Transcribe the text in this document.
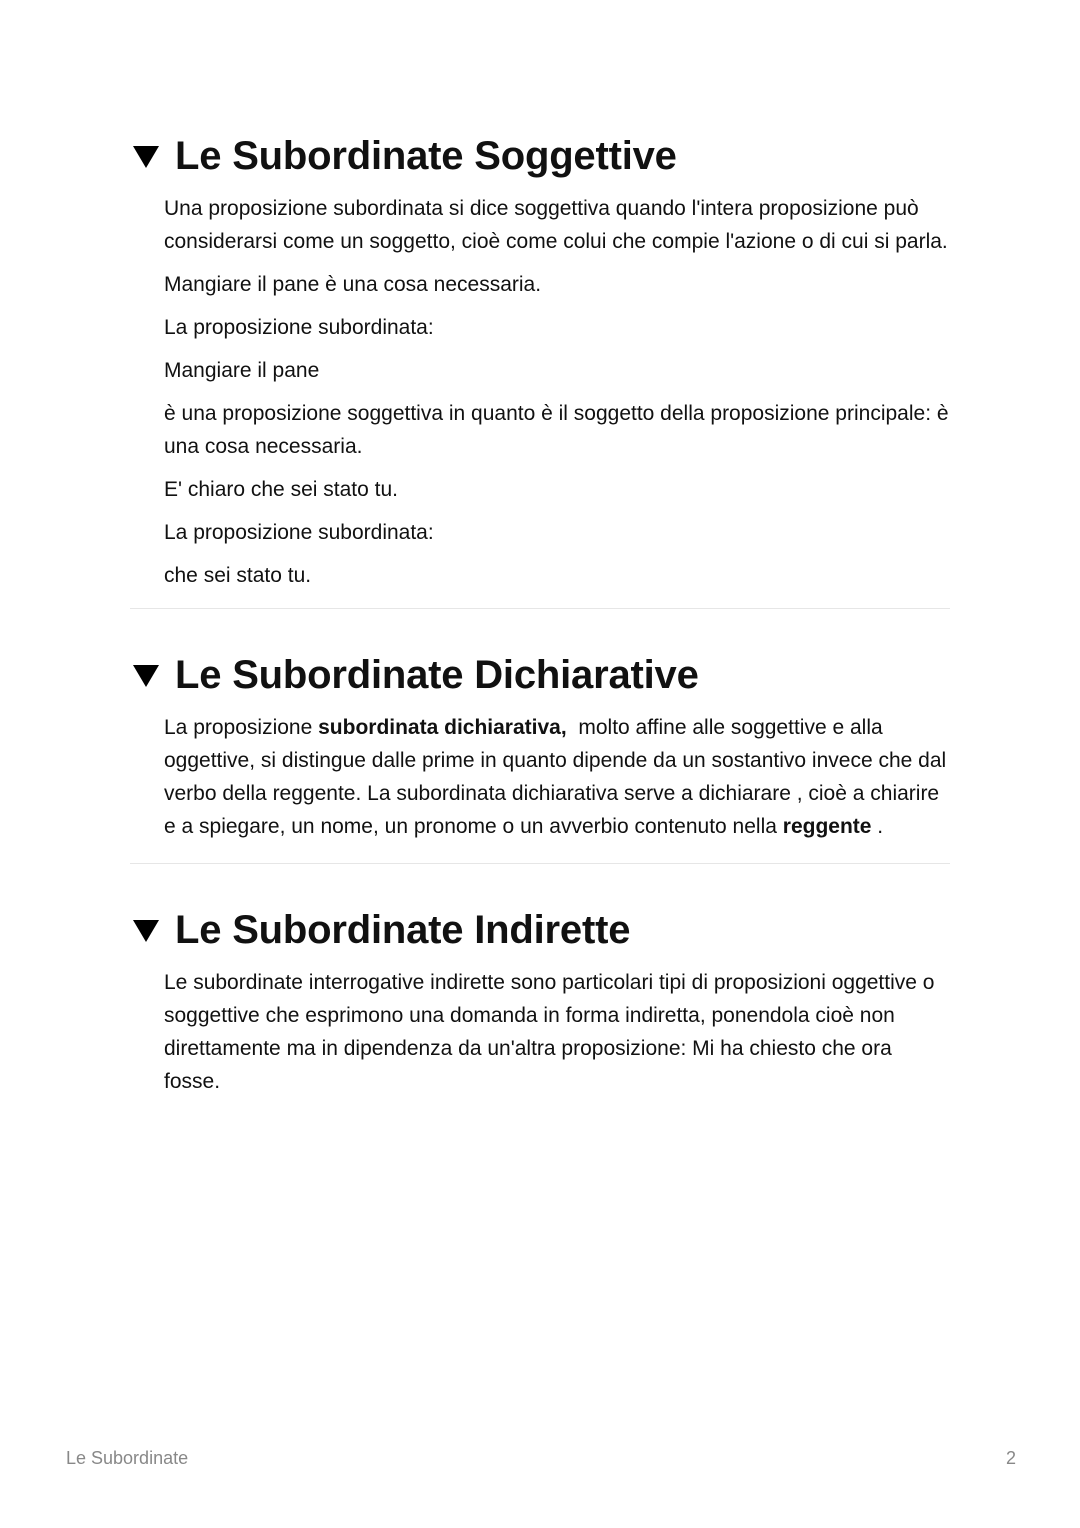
Le Subordinate Soggettive

Una proposizione subordinata si dice soggettiva quando l'intera proposizione può considerarsi come un soggetto, cioè come colui che compie l'azione o di cui si parla.

Mangiare il pane è una cosa necessaria.

La proposizione subordinata:

Mangiare il pane

è una proposizione soggettiva in quanto è il soggetto della proposizione principale: è una cosa necessaria.

E' chiaro che sei stato tu.

La proposizione subordinata:

che sei stato tu.

Le Subordinate Dichiarative

La proposizione subordinata dichiarativa,  molto affine alle soggettive e alla oggettive, si distingue dalle prime in quanto dipende da un sostantivo invece che dal verbo della reggente. La subordinata dichiarativa serve a dichiarare , cioè a chiarire e a spiegare, un nome, un pronome o un avverbio contenuto nella reggente .

Le Subordinate Indirette

Le subordinate interrogative indirette sono particolari tipi di proposizioni oggettive o soggettive che esprimono una domanda in forma indiretta, ponendola cioè non direttamente ma in dipendenza da un'altra proposizione: Mi ha chiesto che ora fosse.

Le Subordinate	2
